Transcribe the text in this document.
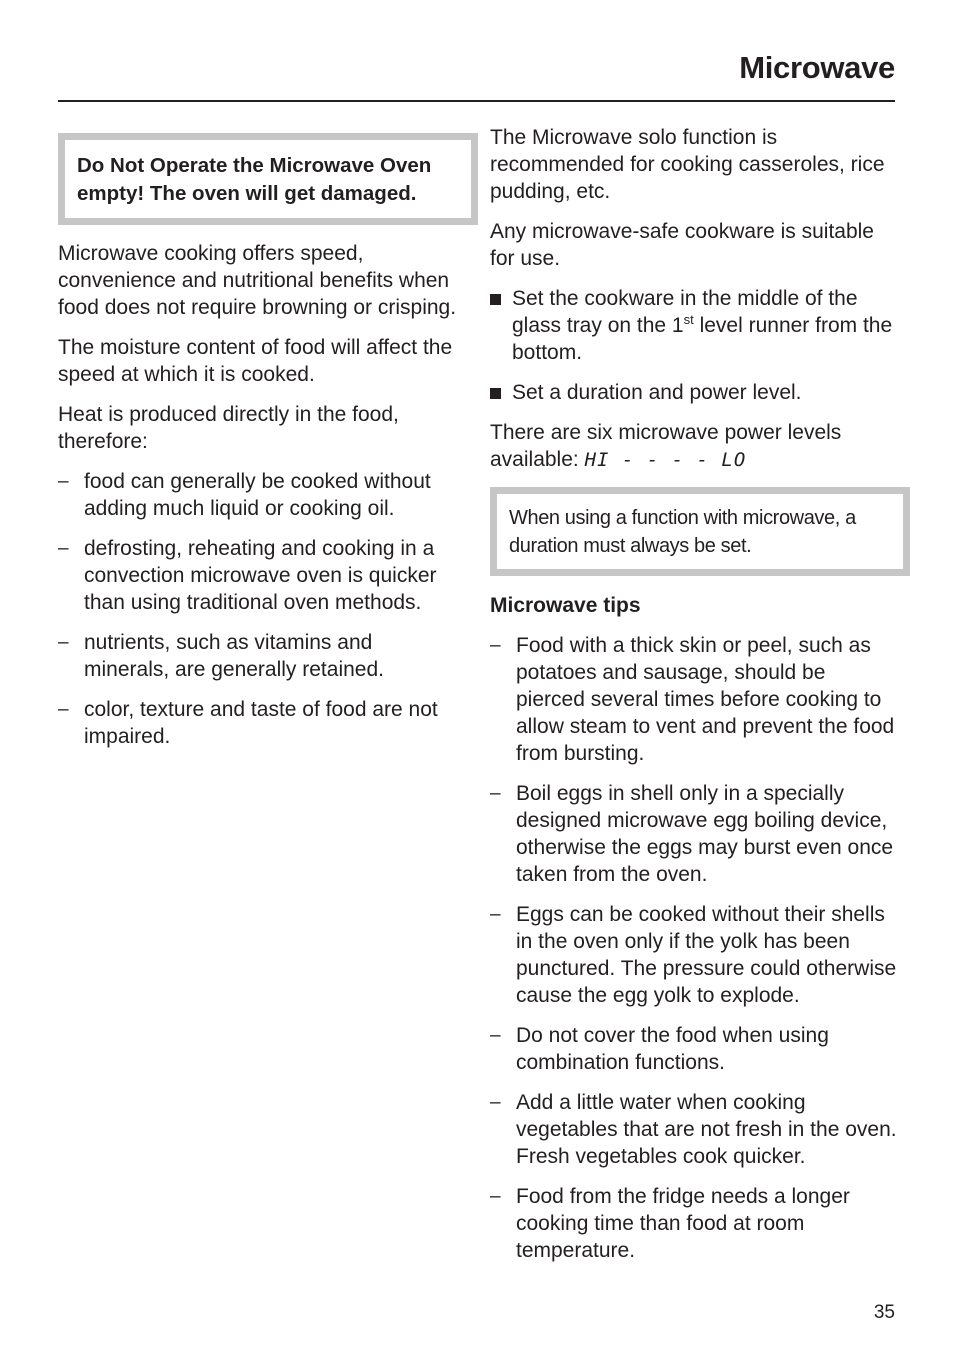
Microwave

Do Not Operate the Microwave Oven empty! The oven will get damaged.

Microwave cooking offers speed, convenience and nutritional benefits when food does not require browning or crisping.

The moisture content of food will affect the speed at which it is cooked.

Heat is produced directly in the food, therefore:

– food can generally be cooked without adding much liquid or cooking oil.
– defrosting, reheating and cooking in a convection microwave oven is quicker than using traditional oven methods.
– nutrients, such as vitamins and minerals, are generally retained.
– color, texture and taste of food are not impaired.

The Microwave solo function is recommended for cooking casseroles, rice pudding, etc.

Any microwave-safe cookware is suitable for use.

Set the cookware in the middle of the glass tray on the 1st level runner from the bottom.
Set a duration and power level.

There are six microwave power levels available: HI - - - - LO

When using a function with microwave, a duration must always be set.

Microwave tips

– Food with a thick skin or peel, such as potatoes and sausage, should be pierced several times before cooking to allow steam to vent and prevent the food from bursting.
– Boil eggs in shell only in a specially designed microwave egg boiling device, otherwise the eggs may burst even once taken from the oven.
– Eggs can be cooked without their shells in the oven only if the yolk has been punctured. The pressure could otherwise cause the egg yolk to explode.
– Do not cover the food when using combination functions.
– Add a little water when cooking vegetables that are not fresh in the oven. Fresh vegetables cook quicker.
– Food from the fridge needs a longer cooking time than food at room temperature.
35
